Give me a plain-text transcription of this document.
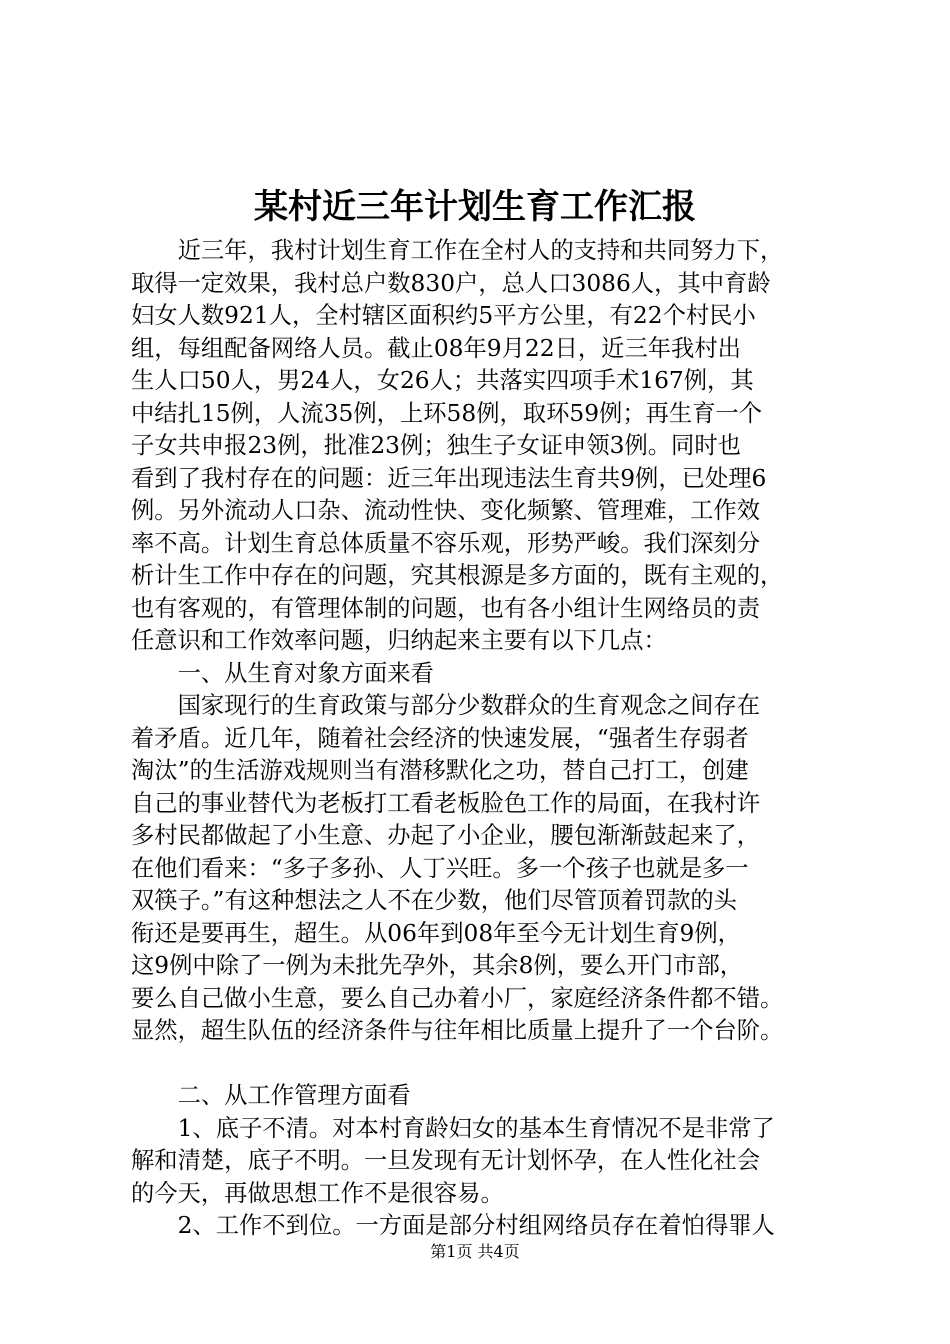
某村近三年计划生育工作汇报
　　近三年，我村计划生育工作在全村人的支持和共同努力下，
取得一定效果，我村总户数830户，总人口3086人，其中育龄
妇女人数921人，全村辖区面积约5平方公里，有22个村民小
组，每组配备网络人员。截止08年9月22日，近三年我村出
生人口50人，男24人，女26人；共落实四项手术167例，其
中结扎15例，人流35例，上环58例，取环59例；再生育一个
子女共申报23例，批准23例；独生子女证申领3例。同时也
看到了我村存在的问题：近三年出现违法生育共9例，已处理6
例。另外流动人口杂、流动性快、变化频繁、管理难，工作效
率不高。计划生育总体质量不容乐观，形势严峻。我们深刻分
析计生工作中存在的问题，究其根源是多方面的，既有主观的，
也有客观的，有管理体制的问题，也有各小组计生网络员的责
任意识和工作效率问题，归纳起来主要有以下几点：
　　一、从生育对象方面来看
　　国家现行的生育政策与部分少数群众的生育观念之间存在
着矛盾。近几年，随着社会经济的快速发展，“强者生存弱者
淘汰”的生活游戏规则当有潜移默化之功，替自己打工，创建
自己的事业替代为老板打工看老板脸色工作的局面，在我村许
多村民都做起了小生意、办起了小企业，腰包渐渐鼓起来了，
在他们看来：“多子多孙、人丁兴旺。多一个孩子也就是多一
双筷子。”有这种想法之人不在少数，他们尽管顶着罚款的头
衔还是要再生，超生。从06年到08年至今无计划生育9例，
这9例中除了一例为未批先孕外，其余8例，要么开门市部，
要么自己做小生意，要么自己办着小厂，家庭经济条件都不错。
显然，超生队伍的经济条件与往年相比质量上提升了一个台阶。
　　二、从工作管理方面看
　　1、底子不清。对本村育龄妇女的基本生育情况不是非常了
解和清楚，底子不明。一旦发现有无计划怀孕，在人性化社会
的今天，再做思想工作不是很容易。
　　2、工作不到位。一方面是部分村组网络员存在着怕得罪人
第1页 共4页
